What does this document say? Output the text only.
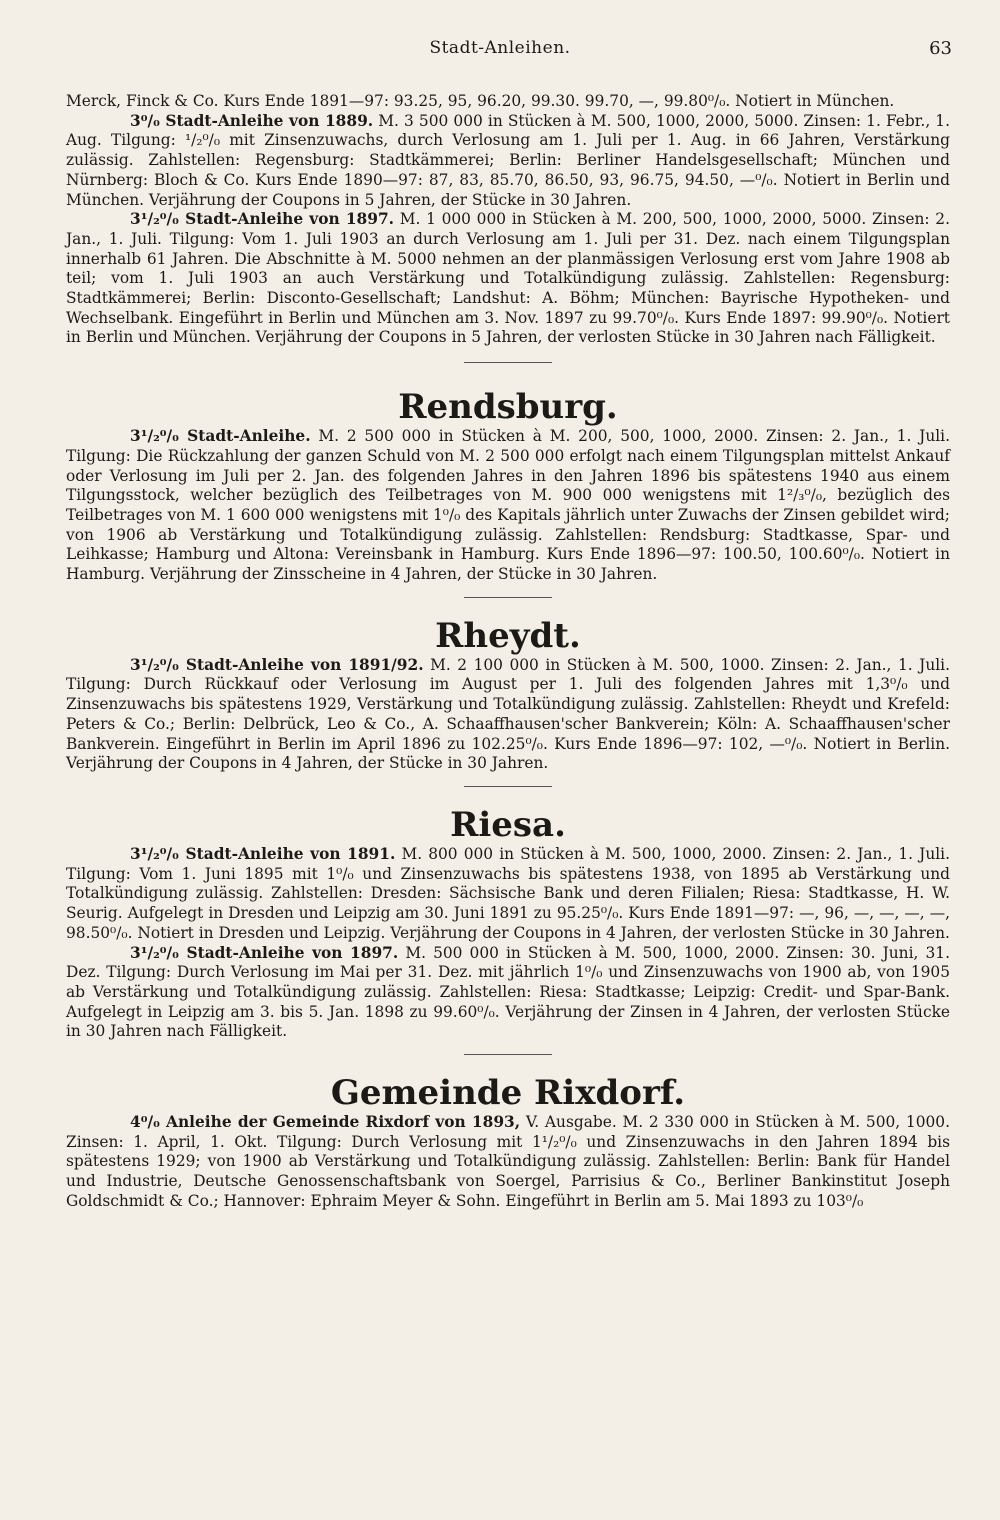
Stadt-Anleihen.	63

Merck, Finck & Co. Kurs Ende 1891—97: 93.25, 95, 96.20, 99.30. 99.70, —, 99.80⁰/₀. Notiert in München.

3⁰/₀ Stadt-Anleihe von 1889. M. 3 500 000 in Stücken à M. 500, 1000, 2000, 5000. Zinsen: 1. Febr., 1. Aug. Tilgung: ¹/₂⁰/₀ mit Zinsenzuwachs, durch Verlosung am 1. Juli per 1. Aug. in 66 Jahren, Verstärkung zulässig. Zahlstellen: Regensburg: Stadtkämmerei; Berlin: Berliner Handelsgesellschaft; München und Nürnberg: Bloch & Co. Kurs Ende 1890—97: 87, 83, 85.70, 86.50, 93, 96.75, 94.50, —⁰/₀. Notiert in Berlin und München. Verjährung der Coupons in 5 Jahren, der Stücke in 30 Jahren.

3¹/₂⁰/₀ Stadt-Anleihe von 1897. M. 1 000 000 in Stücken à M. 200, 500, 1000, 2000, 5000. Zinsen: 2. Jan., 1. Juli. Tilgung: Vom 1. Juli 1903 an durch Verlosung am 1. Juli per 31. Dez. nach einem Tilgungsplan innerhalb 61 Jahren. Die Abschnitte à M. 5000 nehmen an der planmässigen Verlosung erst vom Jahre 1908 ab teil; vom 1. Juli 1903 an auch Verstärkung und Totalkündigung zulässig. Zahlstellen: Regensburg: Stadtkämmerei; Berlin: Disconto-Gesellschaft; Landshut: A. Böhm; München: Bayrische Hypotheken- und Wechselbank. Eingeführt in Berlin und München am 3. Nov. 1897 zu 99.70⁰/₀. Kurs Ende 1897: 99.90⁰/₀. Notiert in Berlin und München. Verjährung der Coupons in 5 Jahren, der verlosten Stücke in 30 Jahren nach Fälligkeit.

Rendsburg.

3¹/₂⁰/₀ Stadt-Anleihe. M. 2 500 000 in Stücken à M. 200, 500, 1000, 2000. Zinsen: 2. Jan., 1. Juli. Tilgung: Die Rückzahlung der ganzen Schuld von M. 2 500 000 erfolgt nach einem Tilgungsplan mittelst Ankauf oder Verlosung im Juli per 2. Jan. des folgenden Jahres in den Jahren 1896 bis spätestens 1940 aus einem Tilgungsstock, welcher bezüglich des Teilbetrages von M. 900 000 wenigstens mit 1²/₃⁰/₀, bezüglich des Teilbetrages von M. 1 600 000 wenigstens mit 1⁰/₀ des Kapitals jährlich unter Zuwachs der Zinsen gebildet wird; von 1906 ab Verstärkung und Totalkündigung zulässig. Zahlstellen: Rendsburg: Stadtkasse, Spar- und Leihkasse; Hamburg und Altona: Vereinsbank in Hamburg. Kurs Ende 1896—97: 100.50, 100.60⁰/₀. Notiert in Hamburg. Verjährung der Zinsscheine in 4 Jahren, der Stücke in 30 Jahren.

Rheydt.

3¹/₂⁰/₀ Stadt-Anleihe von 1891/92. M. 2 100 000 in Stücken à M. 500, 1000. Zinsen: 2. Jan., 1. Juli. Tilgung: Durch Rückkauf oder Verlosung im August per 1. Juli des folgenden Jahres mit 1,3⁰/₀ und Zinsenzuwachs bis spätestens 1929, Verstärkung und Totalkündigung zulässig. Zahlstellen: Rheydt und Krefeld: Peters & Co.; Berlin: Delbrück, Leo & Co., A. Schaaffhausen'scher Bankverein; Köln: A. Schaaffhausen'scher Bankverein. Eingeführt in Berlin im April 1896 zu 102.25⁰/₀. Kurs Ende 1896—97: 102, —⁰/₀. Notiert in Berlin. Verjährung der Coupons in 4 Jahren, der Stücke in 30 Jahren.

Riesa.

3¹/₂⁰/₀ Stadt-Anleihe von 1891. M. 800 000 in Stücken à M. 500, 1000, 2000. Zinsen: 2. Jan., 1. Juli. Tilgung: Vom 1. Juni 1895 mit 1⁰/₀ und Zinsenzuwachs bis spätestens 1938, von 1895 ab Verstärkung und Totalkündigung zulässig. Zahlstellen: Dresden: Sächsische Bank und deren Filialen; Riesa: Stadtkasse, H. W. Seurig. Aufgelegt in Dresden und Leipzig am 30. Juni 1891 zu 95.25⁰/₀. Kurs Ende 1891—97: —, 96, —, —, —, —, 98.50⁰/₀. Notiert in Dresden und Leipzig. Verjährung der Coupons in 4 Jahren, der verlosten Stücke in 30 Jahren.

3¹/₂⁰/₀ Stadt-Anleihe von 1897. M. 500 000 in Stücken à M. 500, 1000, 2000. Zinsen: 30. Juni, 31. Dez. Tilgung: Durch Verlosung im Mai per 31. Dez. mit jährlich 1⁰/₀ und Zinsenzuwachs von 1900 ab, von 1905 ab Verstärkung und Totalkündigung zulässig. Zahlstellen: Riesa: Stadtkasse; Leipzig: Credit- und Spar-Bank. Aufgelegt in Leipzig am 3. bis 5. Jan. 1898 zu 99.60⁰/₀. Verjährung der Zinsen in 4 Jahren, der verlosten Stücke in 30 Jahren nach Fälligkeit.

Gemeinde Rixdorf.

4⁰/₀ Anleihe der Gemeinde Rixdorf von 1893, V. Ausgabe. M. 2 330 000 in Stücken à M. 500, 1000. Zinsen: 1. April, 1. Okt. Tilgung: Durch Verlosung mit 1¹/₂⁰/₀ und Zinsenzuwachs in den Jahren 1894 bis spätestens 1929; von 1900 ab Verstärkung und Totalkündigung zulässig. Zahlstellen: Berlin: Bank für Handel und Industrie, Deutsche Genossenschaftsbank von Soergel, Parrisius & Co., Berliner Bankinstitut Joseph Goldschmidt & Co.; Hannover: Ephraim Meyer & Sohn. Eingeführt in Berlin am 5. Mai 1893 zu 103⁰/₀
